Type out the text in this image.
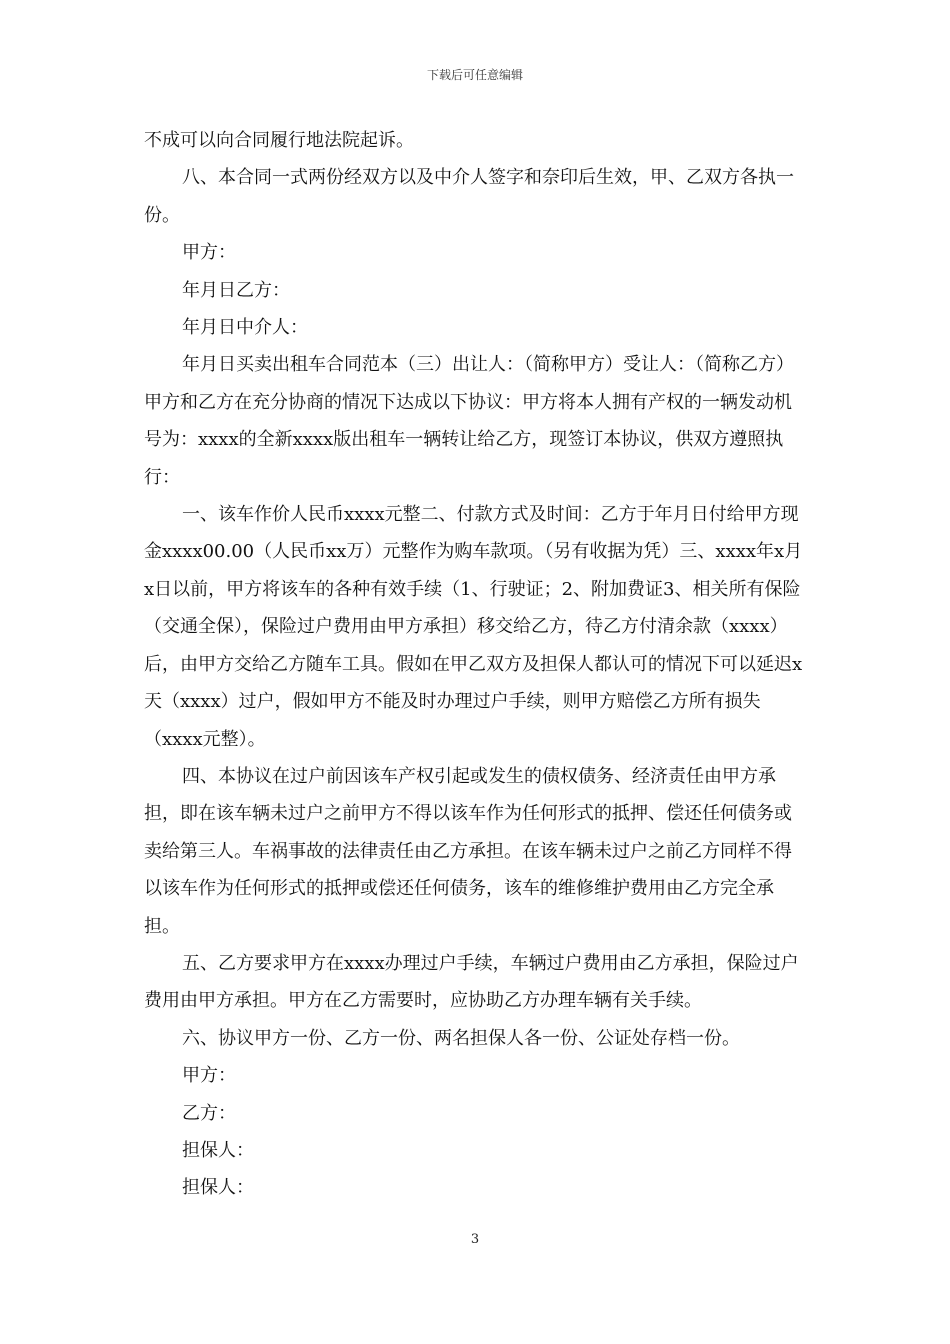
下载后可任意编辑

不成可以向合同履行地法院起诉。

八、本合同一式两份经双方以及中介人签字和奈印后生效，甲、乙双方各执一份。

甲方：

年月日乙方：

年月日中介人：

年月日买卖出租车合同范本（三）出让人：（简称甲方）受让人：（简称乙方）甲方和乙方在充分协商的情况下达成以下协议：甲方将本人拥有产权的一辆发动机号为：xxxx的全新xxxx版出租车一辆转让给乙方，现签订本协议，供双方遵照执行：

一、该车作价人民币xxxx元整二、付款方式及时间：乙方于年月日付给甲方现金xxxx00.00（人民币xx万）元整作为购车款项。（另有收据为凭）三、xxxx年x月x日以前，甲方将该车的各种有效手续（1、行驶证；2、附加费证3、相关所有保险（交通全保），保险过户费用由甲方承担）移交给乙方，待乙方付清余款（xxxx）后，由甲方交给乙方随车工具。假如在甲乙双方及担保人都认可的情况下可以延迟x天（xxxx）过户，假如甲方不能及时办理过户手续，则甲方赔偿乙方所有损失（xxxx元整）。

四、本协议在过户前因该车产权引起或发生的债权债务、经济责任由甲方承担，即在该车辆未过户之前甲方不得以该车作为任何形式的抵押、偿还任何债务或卖给第三人。车祸事故的法律责任由乙方承担。在该车辆未过户之前乙方同样不得以该车作为任何形式的抵押或偿还任何债务，该车的维修维护费用由乙方完全承担。

五、乙方要求甲方在xxxx办理过户手续，车辆过户费用由乙方承担，保险过户费用由甲方承担。甲方在乙方需要时，应协助乙方办理车辆有关手续。

六、协议甲方一份、乙方一份、两名担保人各一份、公证处存档一份。

甲方：

乙方：

担保人：

担保人：

3
